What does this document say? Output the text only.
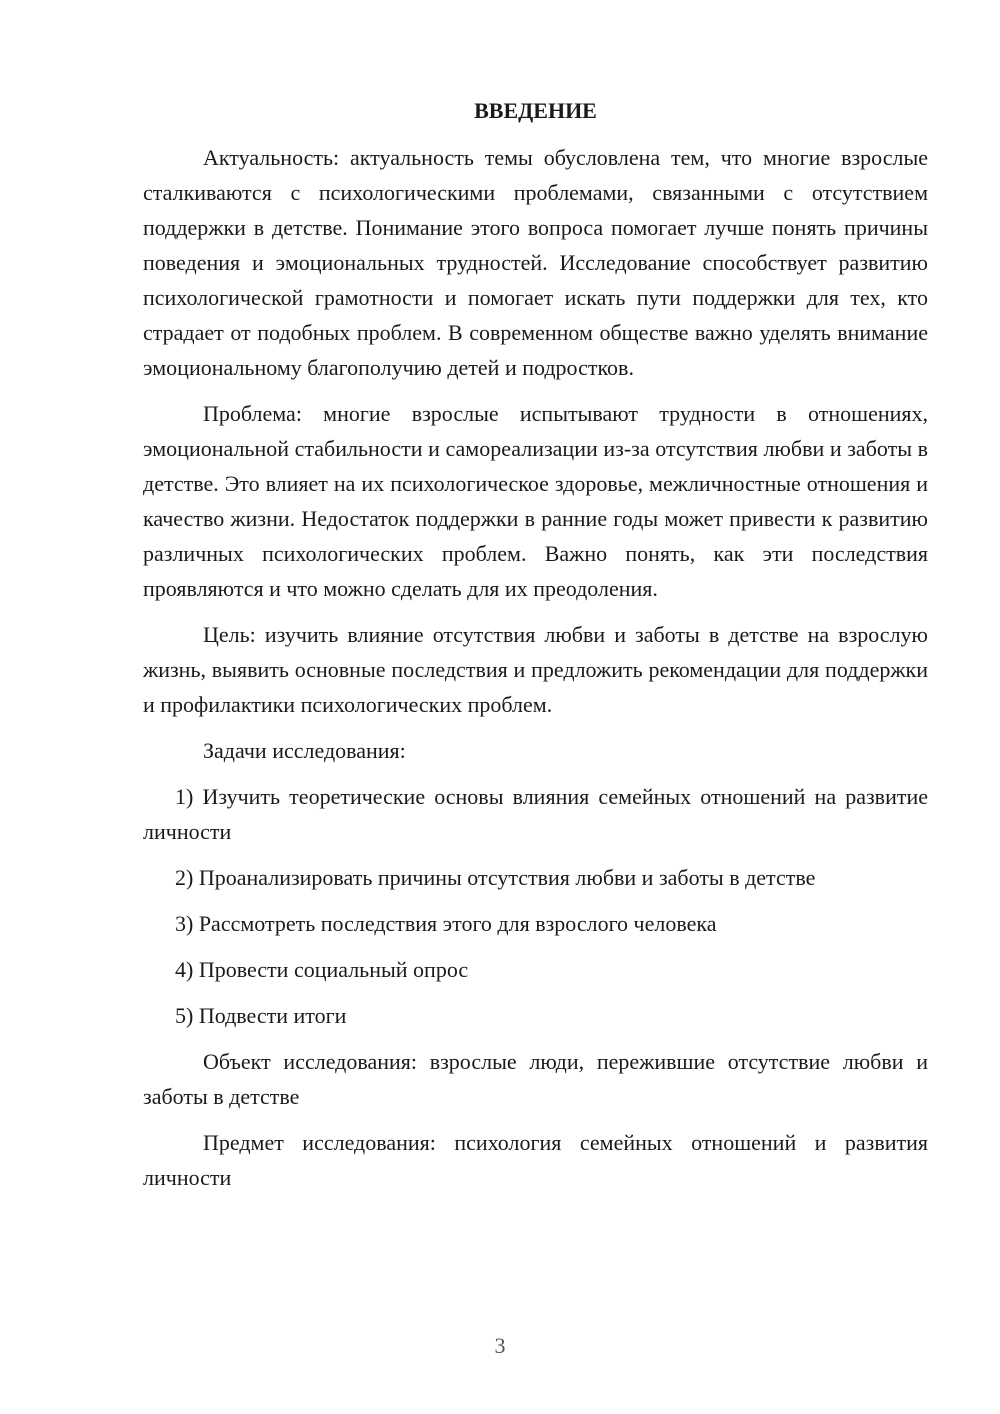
ВВЕДЕНИЕ

Актуальность: актуальность темы обусловлена тем, что многие взрослые сталкиваются с психологическими проблемами, связанными с отсутствием поддержки в детстве. Понимание этого вопроса помогает лучше понять причины поведения и эмоциональных трудностей. Исследование способствует развитию психологической грамотности и помогает искать пути поддержки для тех, кто страдает от подобных проблем. В современном обществе важно уделять внимание эмоциональному благополучию детей и подростков.

Проблема: многие взрослые испытывают трудности в отношениях, эмоциональной стабильности и самореализации из-за отсутствия любви и заботы в детстве. Это влияет на их психологическое здоровье, межличностные отношения и качество жизни. Недостаток поддержки в ранние годы может привести к развитию различных психологических проблем. Важно понять, как эти последствия проявляются и что можно сделать для их преодоления.

Цель: изучить влияние отсутствия любви и заботы в детстве на взрослую жизнь, выявить основные последствия и предложить рекомендации для поддержки и профилактики психологических проблем.

Задачи исследования:

1) Изучить теоретические основы влияния семейных отношений на развитие личности

2) Проанализировать причины отсутствия любви и заботы в детстве

3) Рассмотреть последствия этого для взрослого человека

4) Провести социальный опрос

5) Подвести итоги

Объект исследования: взрослые люди, пережившие отсутствие любви и заботы в детстве

Предмет исследования: психология семейных отношений и развития личности

3
